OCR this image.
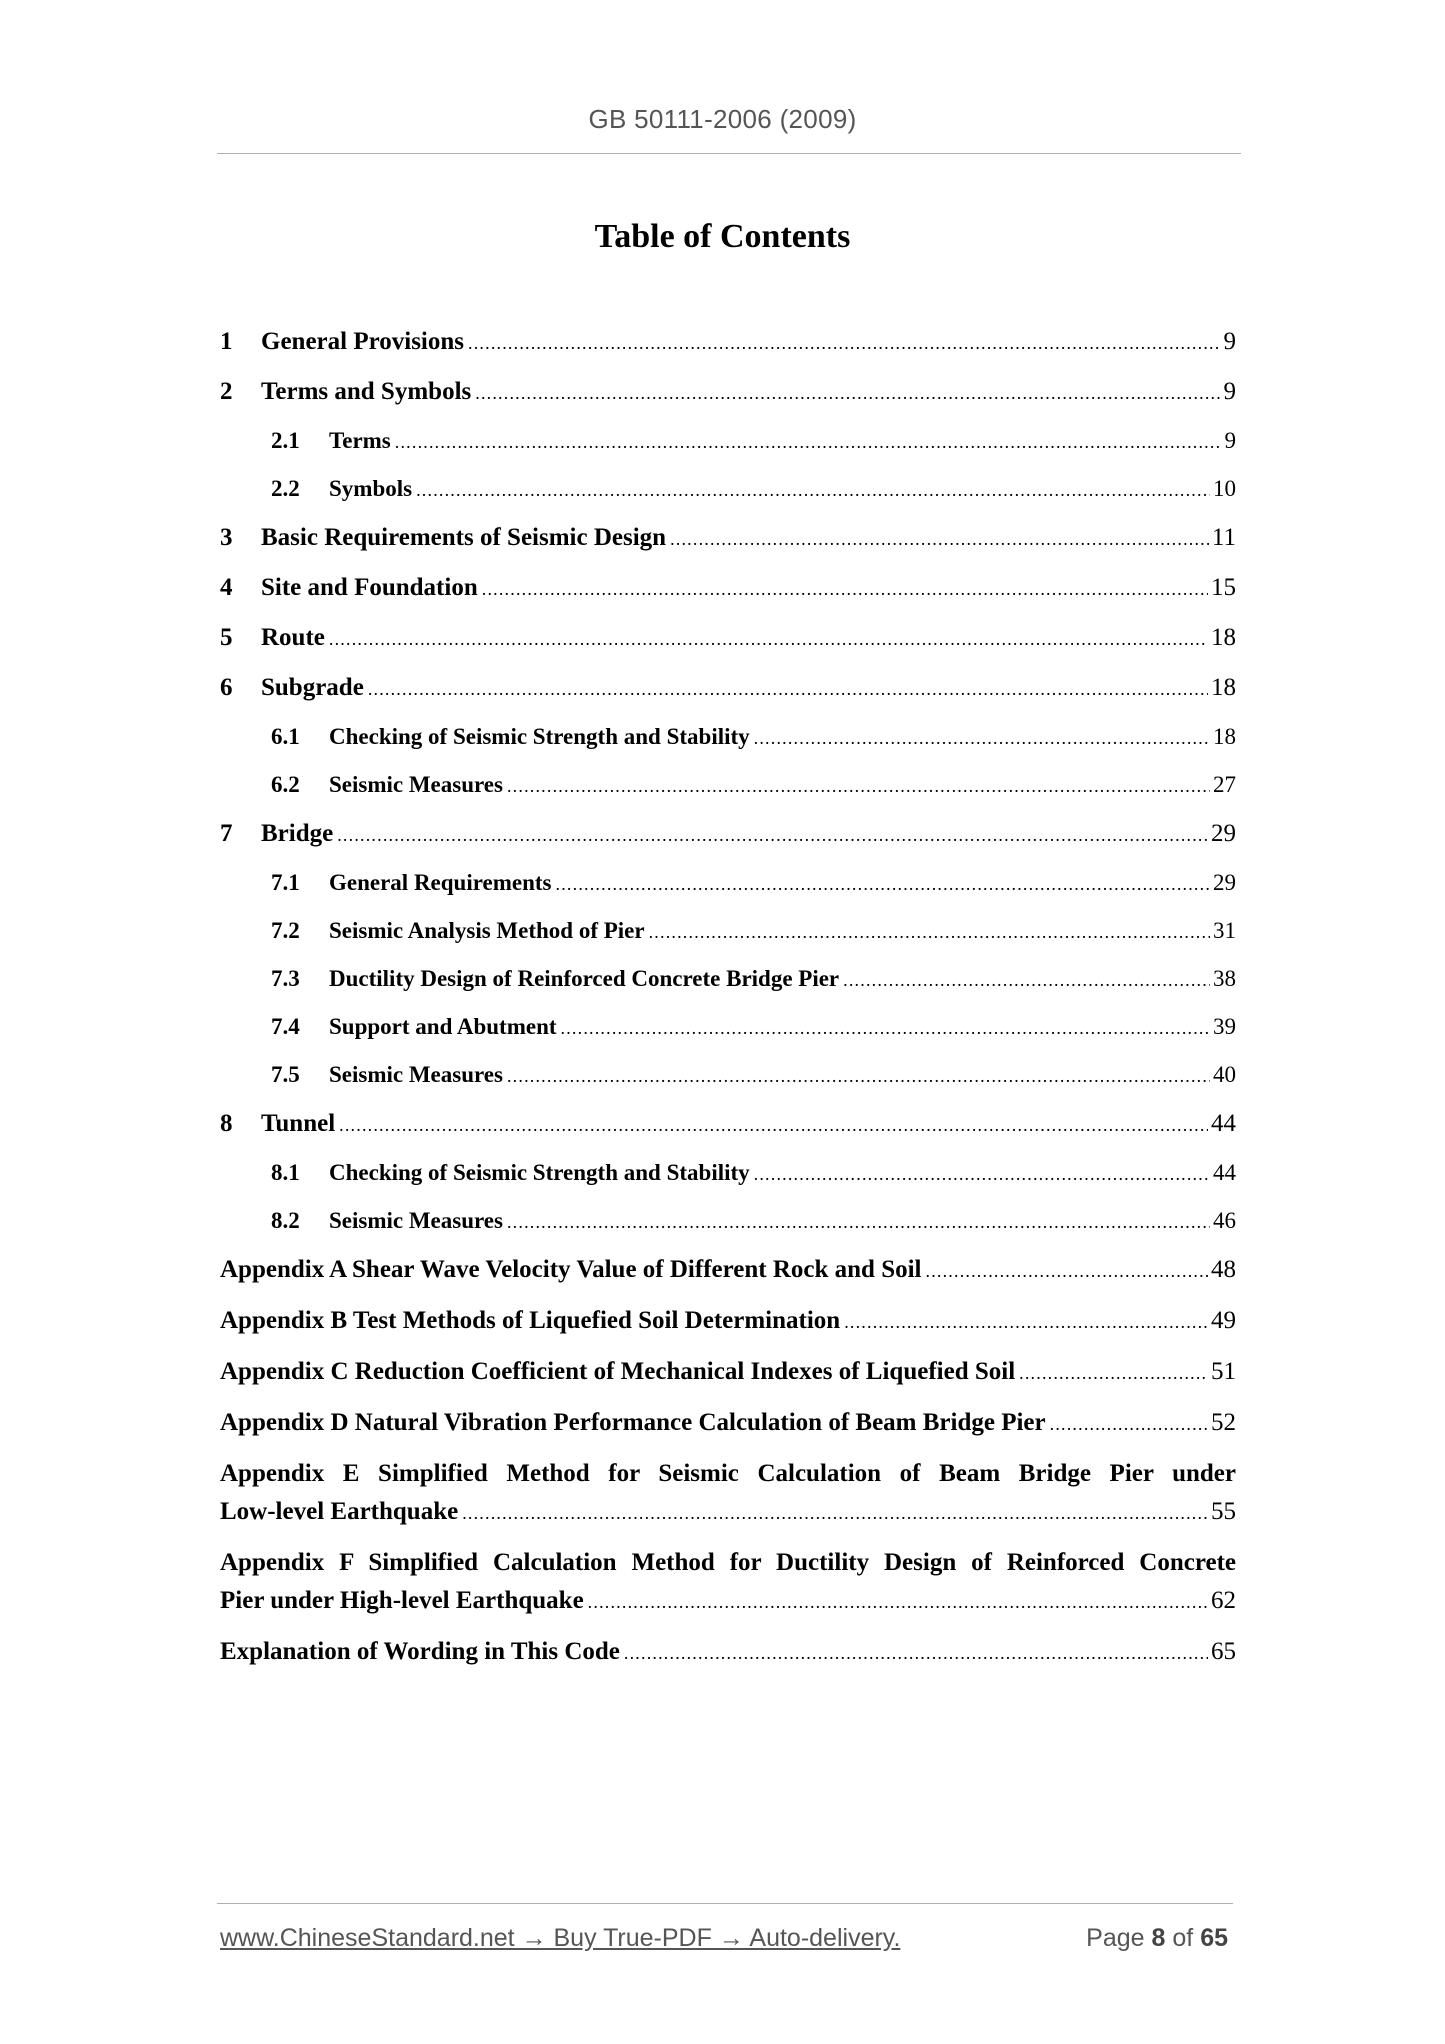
GB 50111-2006 (2009)
Table of Contents
1	General Provisions .....	9
2	Terms and Symbols .....	9
2.1	Terms .....	9
2.2	Symbols .....	10
3	Basic Requirements of Seismic Design .....	11
4	Site and Foundation .....	15
5	Route .....	18
6	Subgrade .....	18
6.1	Checking of Seismic Strength and Stability .....	18
6.2	Seismic Measures .....	27
7	Bridge .....	29
7.1	General Requirements .....	29
7.2	Seismic Analysis Method of Pier .....	31
7.3	Ductility Design of Reinforced Concrete Bridge Pier .....	38
7.4	Support and Abutment .....	39
7.5	Seismic Measures .....	40
8	Tunnel .....	44
8.1	Checking of Seismic Strength and Stability .....	44
8.2	Seismic Measures .....	46
Appendix A Shear Wave Velocity Value of Different Rock and Soil .....	48
Appendix B Test Methods of Liquefied Soil Determination .....	49
Appendix C Reduction Coefficient of Mechanical Indexes of Liquefied Soil .....	51
Appendix D Natural Vibration Performance Calculation of Beam Bridge Pier .....	52
Appendix E Simplified Method for Seismic Calculation of Beam Bridge Pier under
Low-level Earthquake .....	55
Appendix F Simplified Calculation Method for Ductility Design of Reinforced Concrete
Pier under High-level Earthquake .....	62
Explanation of Wording in This Code .....	65
www.ChineseStandard.net → Buy True-PDF → Auto-delivery.	Page 8 of 65
